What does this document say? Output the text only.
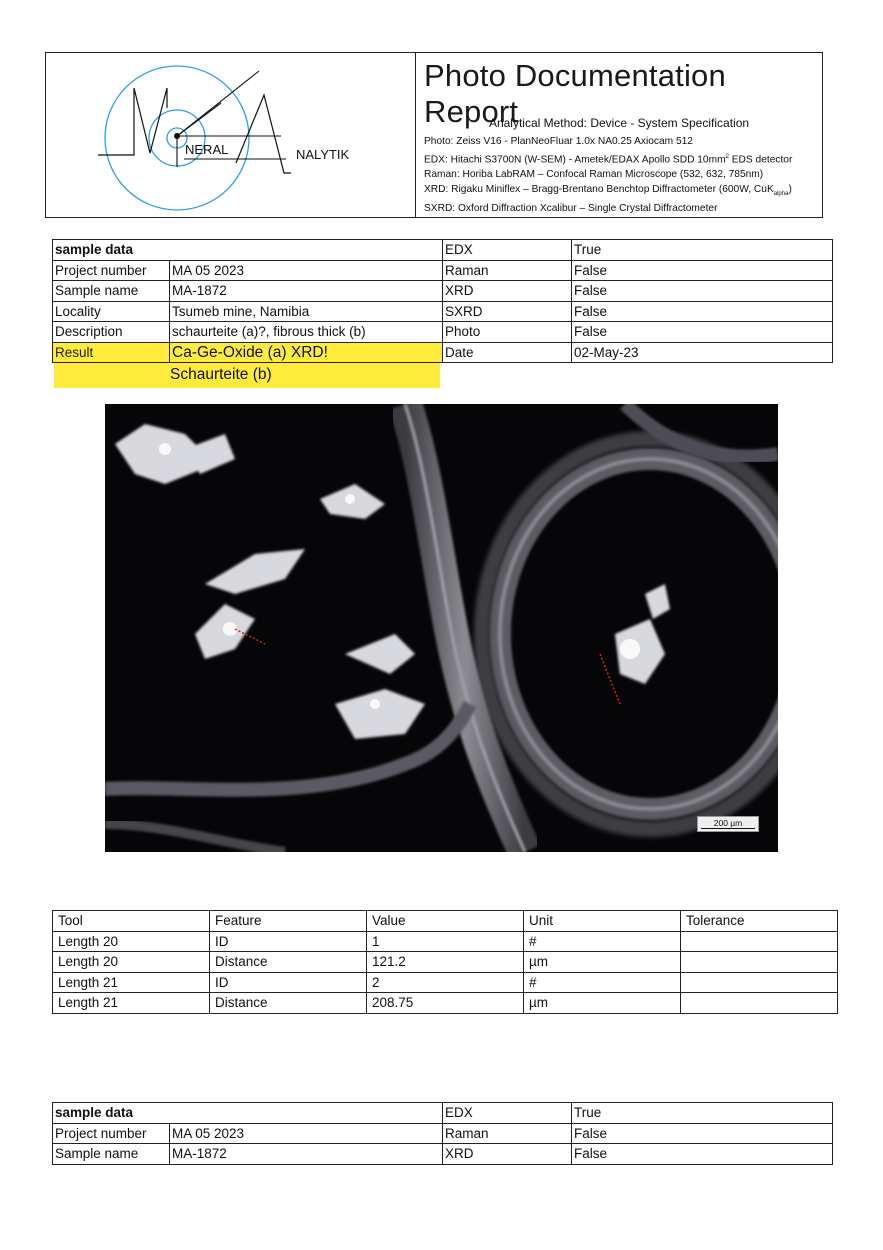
NERAL	NALYTIK
Photo Documentation Report
Analytical Method: Device - System Specification
Photo: Zeiss V16 - PlanNeoFluar 1.0x NA0.25 Axiocam 512
EDX: Hitachi S3700N (W-SEM) - Ametek/EDAX Apollo SDD $10mm^2$ EDS detector
Raman: Horiba LabRAM – Confocal Raman Microscope (532, 632, 785nm)
XRD: Rigaku Miniflex – Bragg-Brentano Benchtop Diffractometer (600W, CuK$_{alpha}$)
SXRD: Oxford Diffraction Xcalibur – Single Crystal Diffractometer
sample data		EDX	True
Project number	MA 05 2023	Raman	False
Sample name	MA-1872	XRD	False
Locality	Tsumeb mine, Namibia	SXRD	False
Description	schaurteite (a)?, fibrous thick (b)	Photo	False
Result	Ca-Ge-Oxide (a) XRD!	Date	02-May-23
Schaurteite (b)
200 µm
Tool	Feature	Value	Unit	Tolerance
Length 20	ID	1	#	
Length 20	Distance	121.2	µm	
Length 21	ID	2	#	
Length 21	Distance	208.75	µm	
sample data		EDX	True
Project number	MA 05 2023	Raman	False
Sample name	MA-1872	XRD	False
